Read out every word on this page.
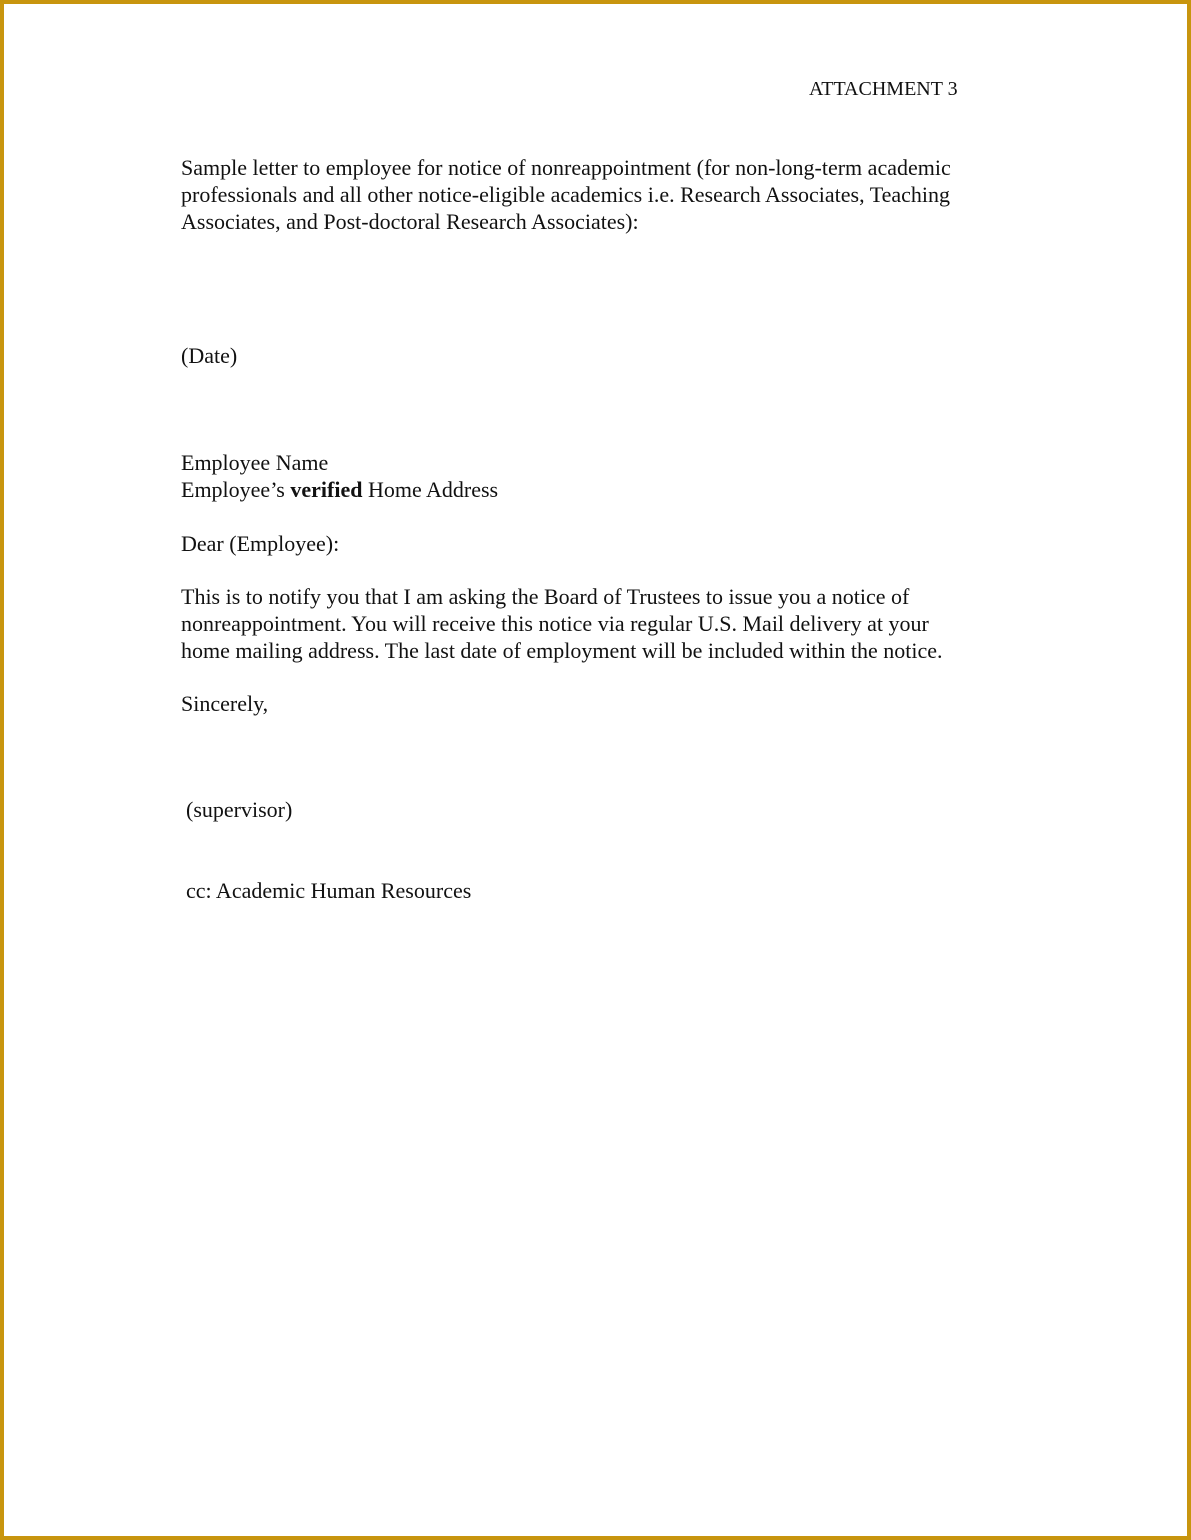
ATTACHMENT 3

Sample letter to employee for notice of nonreappointment (for non-long-term academic
professionals and all other notice-eligible academics i.e. Research Associates, Teaching
Associates, and Post-doctoral Research Associates):

(Date)

Employee Name

Employee’s verified Home Address

Dear (Employee):

This is to notify you that I am asking the Board of Trustees to issue you a notice of
nonreappointment. You will receive this notice via regular U.S. Mail delivery at your
home mailing address. The last date of employment will be included within the notice.

Sincerely,

(supervisor)

cc: Academic Human Resources
